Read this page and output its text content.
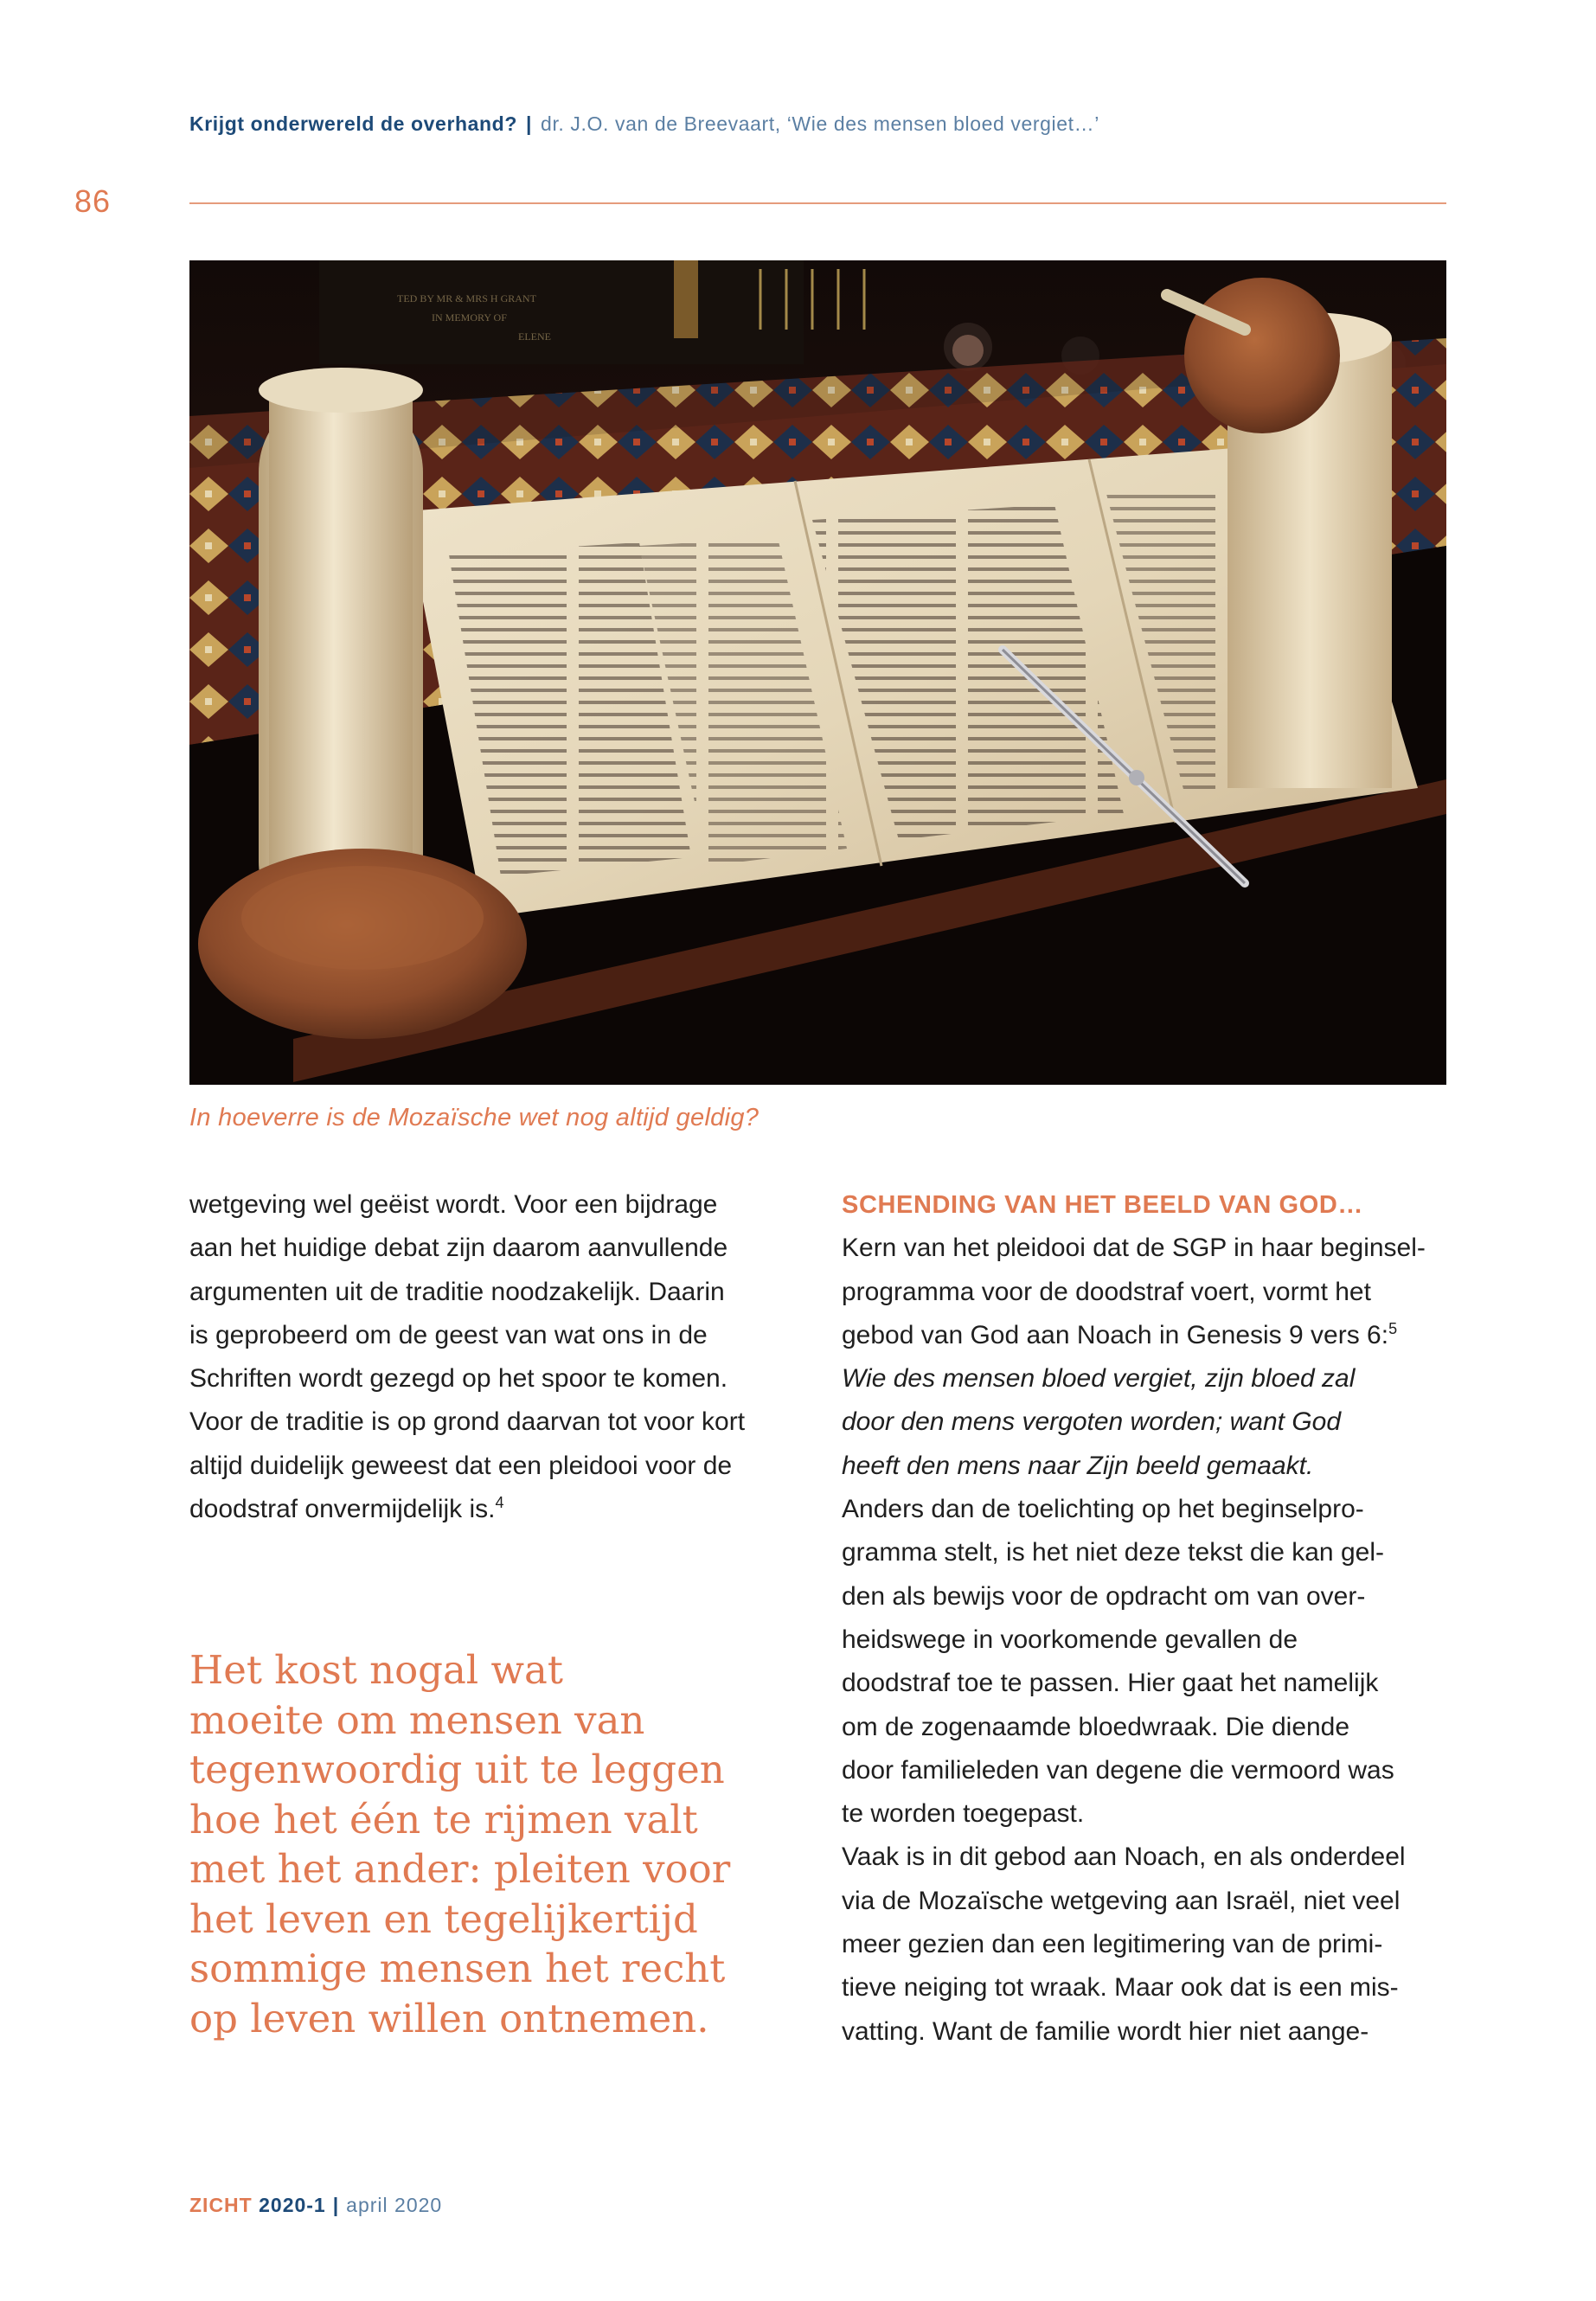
Krijgt onderwereld de overhand? | dr. J.O. van de Breevaart, ‘Wie des mensen bloed vergiet…’
86
TED BY MR & MRS H GRANT
IN MEMORY OF
ELENE
In hoeverre is de Mozaïsche wet nog altijd geldig?

wetgeving wel geëist wordt. Voor een bijdrage

aan het huidige debat zijn daarom aanvullende

argumenten uit de traditie noodzakelijk. Daarin

is geprobeerd om de geest van wat ons in de

Schriften wordt gezegd op het spoor te komen.

Voor de traditie is op grond daarvan tot voor kort

altijd duidelijk geweest dat een pleidooi voor de

doodstraf onvermijdelijk is.$^4$

Het kost nogal wat
moeite om mensen van
tegenwoordig uit te leggen
hoe het één te rijmen valt
met het ander: pleiten voor
het leven en tegelijkertijd
sommige mensen het recht
op leven willen ontnemen.

SCHENDING VAN HET BEELD VAN GOD…

Kern van het pleidooi dat de SGP in haar beginsel-

programma voor de doodstraf voert, vormt het

gebod van God aan Noach in Genesis 9 vers 6:$^5$

Wie des mensen bloed vergiet, zijn bloed zal

door den mens vergoten worden; want God

heeft den mens naar Zijn beeld gemaakt.

Anders dan de toelichting op het beginselpro-

gramma stelt, is het niet deze tekst die kan gel-

den als bewijs voor de opdracht om van over-

heidswege in voorkomende gevallen de

doodstraf toe te passen. Hier gaat het namelijk

om de zogenaamde bloedwraak. Die diende

door familieleden van degene die vermoord was

te worden toegepast.

Vaak is in dit gebod aan Noach, en als onderdeel

via de Mozaïsche wetgeving aan Israël, niet veel

meer gezien dan een legitimering van de primi-

tieve neiging tot wraak. Maar ook dat is een mis-

vatting. Want de familie wordt hier niet aange-

ZICHT 2020-1 | april 2020
